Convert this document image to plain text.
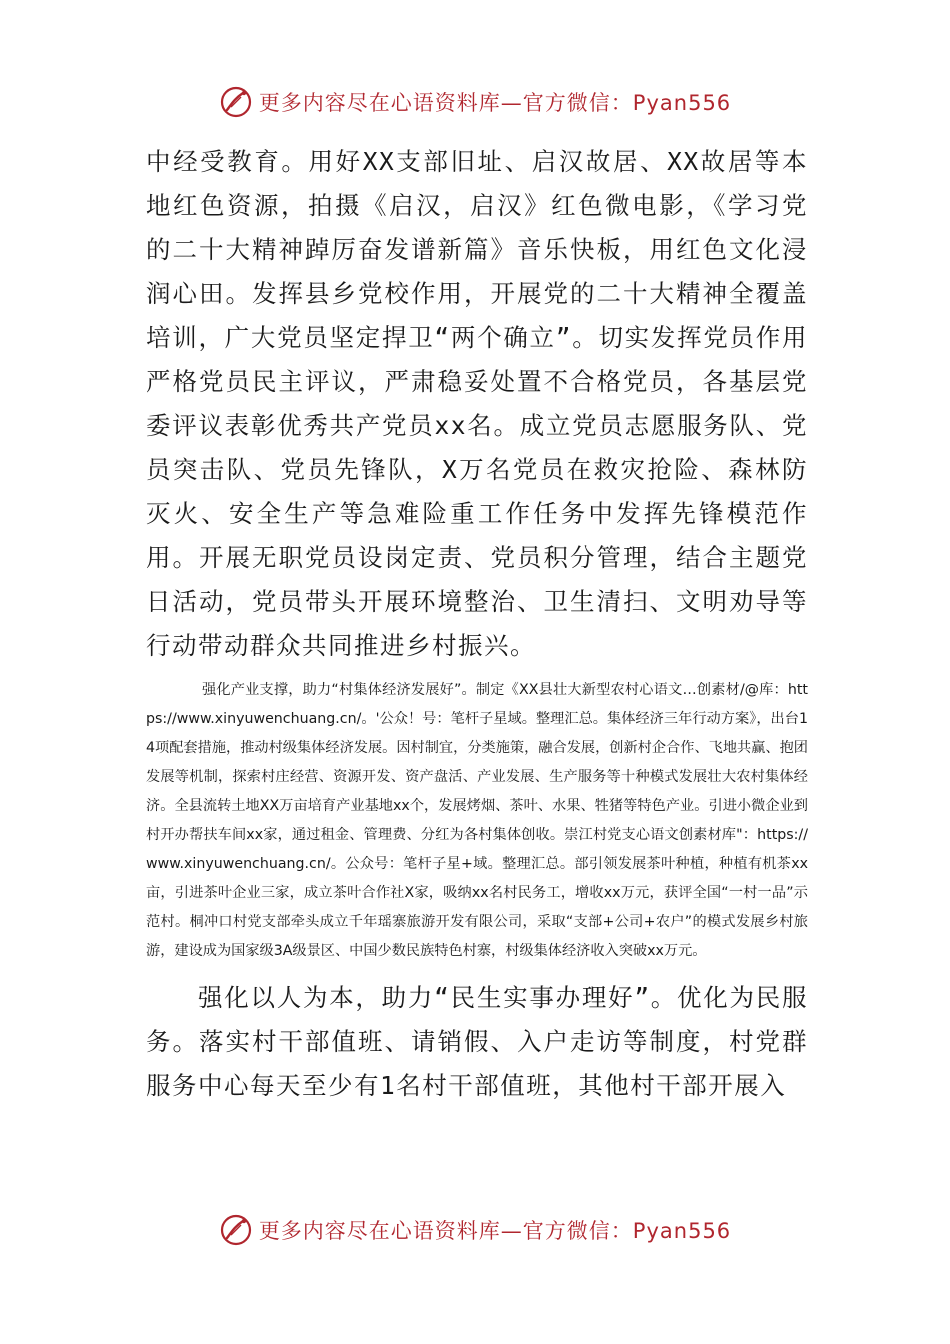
更多内容尽在心语资料库—官方微信：Pyan556

中经受教育。用好XX支部旧址、启汉故居、XX故居等本地红色资源，拍摄《启汉，启汉》红色微电影，《学习党的二十大精神踔厉奋发谱新篇》音乐快板，用红色文化浸润心田。发挥县乡党校作用，开展党的二十大精神全覆盖培训，广大党员坚定捍卫“两个确立”。切实发挥党员作用严格党员民主评议，严肃稳妥处置不合格党员，各基层党委评议表彰优秀共产党员xx名。成立党员志愿服务队、党员突击队、党员先锋队，X万名党员在救灾抢险、森林防灭火、安全生产等急难险重工作任务中发挥先锋模范作用。开展无职党员设岗定责、党员积分管理，结合主题党日活动，党员带头开展环境整治、卫生清扫、文明劝导等行动带动群众共同推进乡村振兴。

强化产业支撑，助力“村集体经济发展好”。制定《XX县壮大新型农村心语文…创素材/@库：https://www.xinyuwenchuang.cn/。'公众！号：笔杆子星域。整理汇总。集体经济三年行动方案》，出台14项配套措施，推动村级集体经济发展。因村制宜，分类施策，融合发展，创新村企合作、飞地共赢、抱团发展等机制，探索村庄经营、资源开发、资产盘活、产业发展、生产服务等十种模式发展壮大农村集体经济。全县流转土地XX万亩培育产业基地xx个，发展烤烟、茶叶、水果、牲猪等特色产业。引进小微企业到村开办帮扶车间xx家，通过租金、管理费、分红为各村集体创收。崇江村党支心语文创素材库"：https://www.xinyuwenchuang.cn/。公众号：笔杆子星+域。整理汇总。部引领发展茶叶种植，种植有机茶xx亩，引进茶叶企业三家，成立茶叶合作社X家，吸纳xx名村民务工，增收xx万元，获评全国“一村一品”示范村。桐冲口村党支部牵头成立千年瑶寨旅游开发有限公司，采取“支部+公司+农户”的模式发展乡村旅游，建设成为国家级3A级景区、中国少数民族特色村寨，村级集体经济收入突破xx万元。

强化以人为本，助力“民生实事办理好”。优化为民服务。落实村干部值班、请销假、入户走访等制度，村党群服务中心每天至少有1名村干部值班，其他村干部开展入

更多内容尽在心语资料库—官方微信：Pyan556
